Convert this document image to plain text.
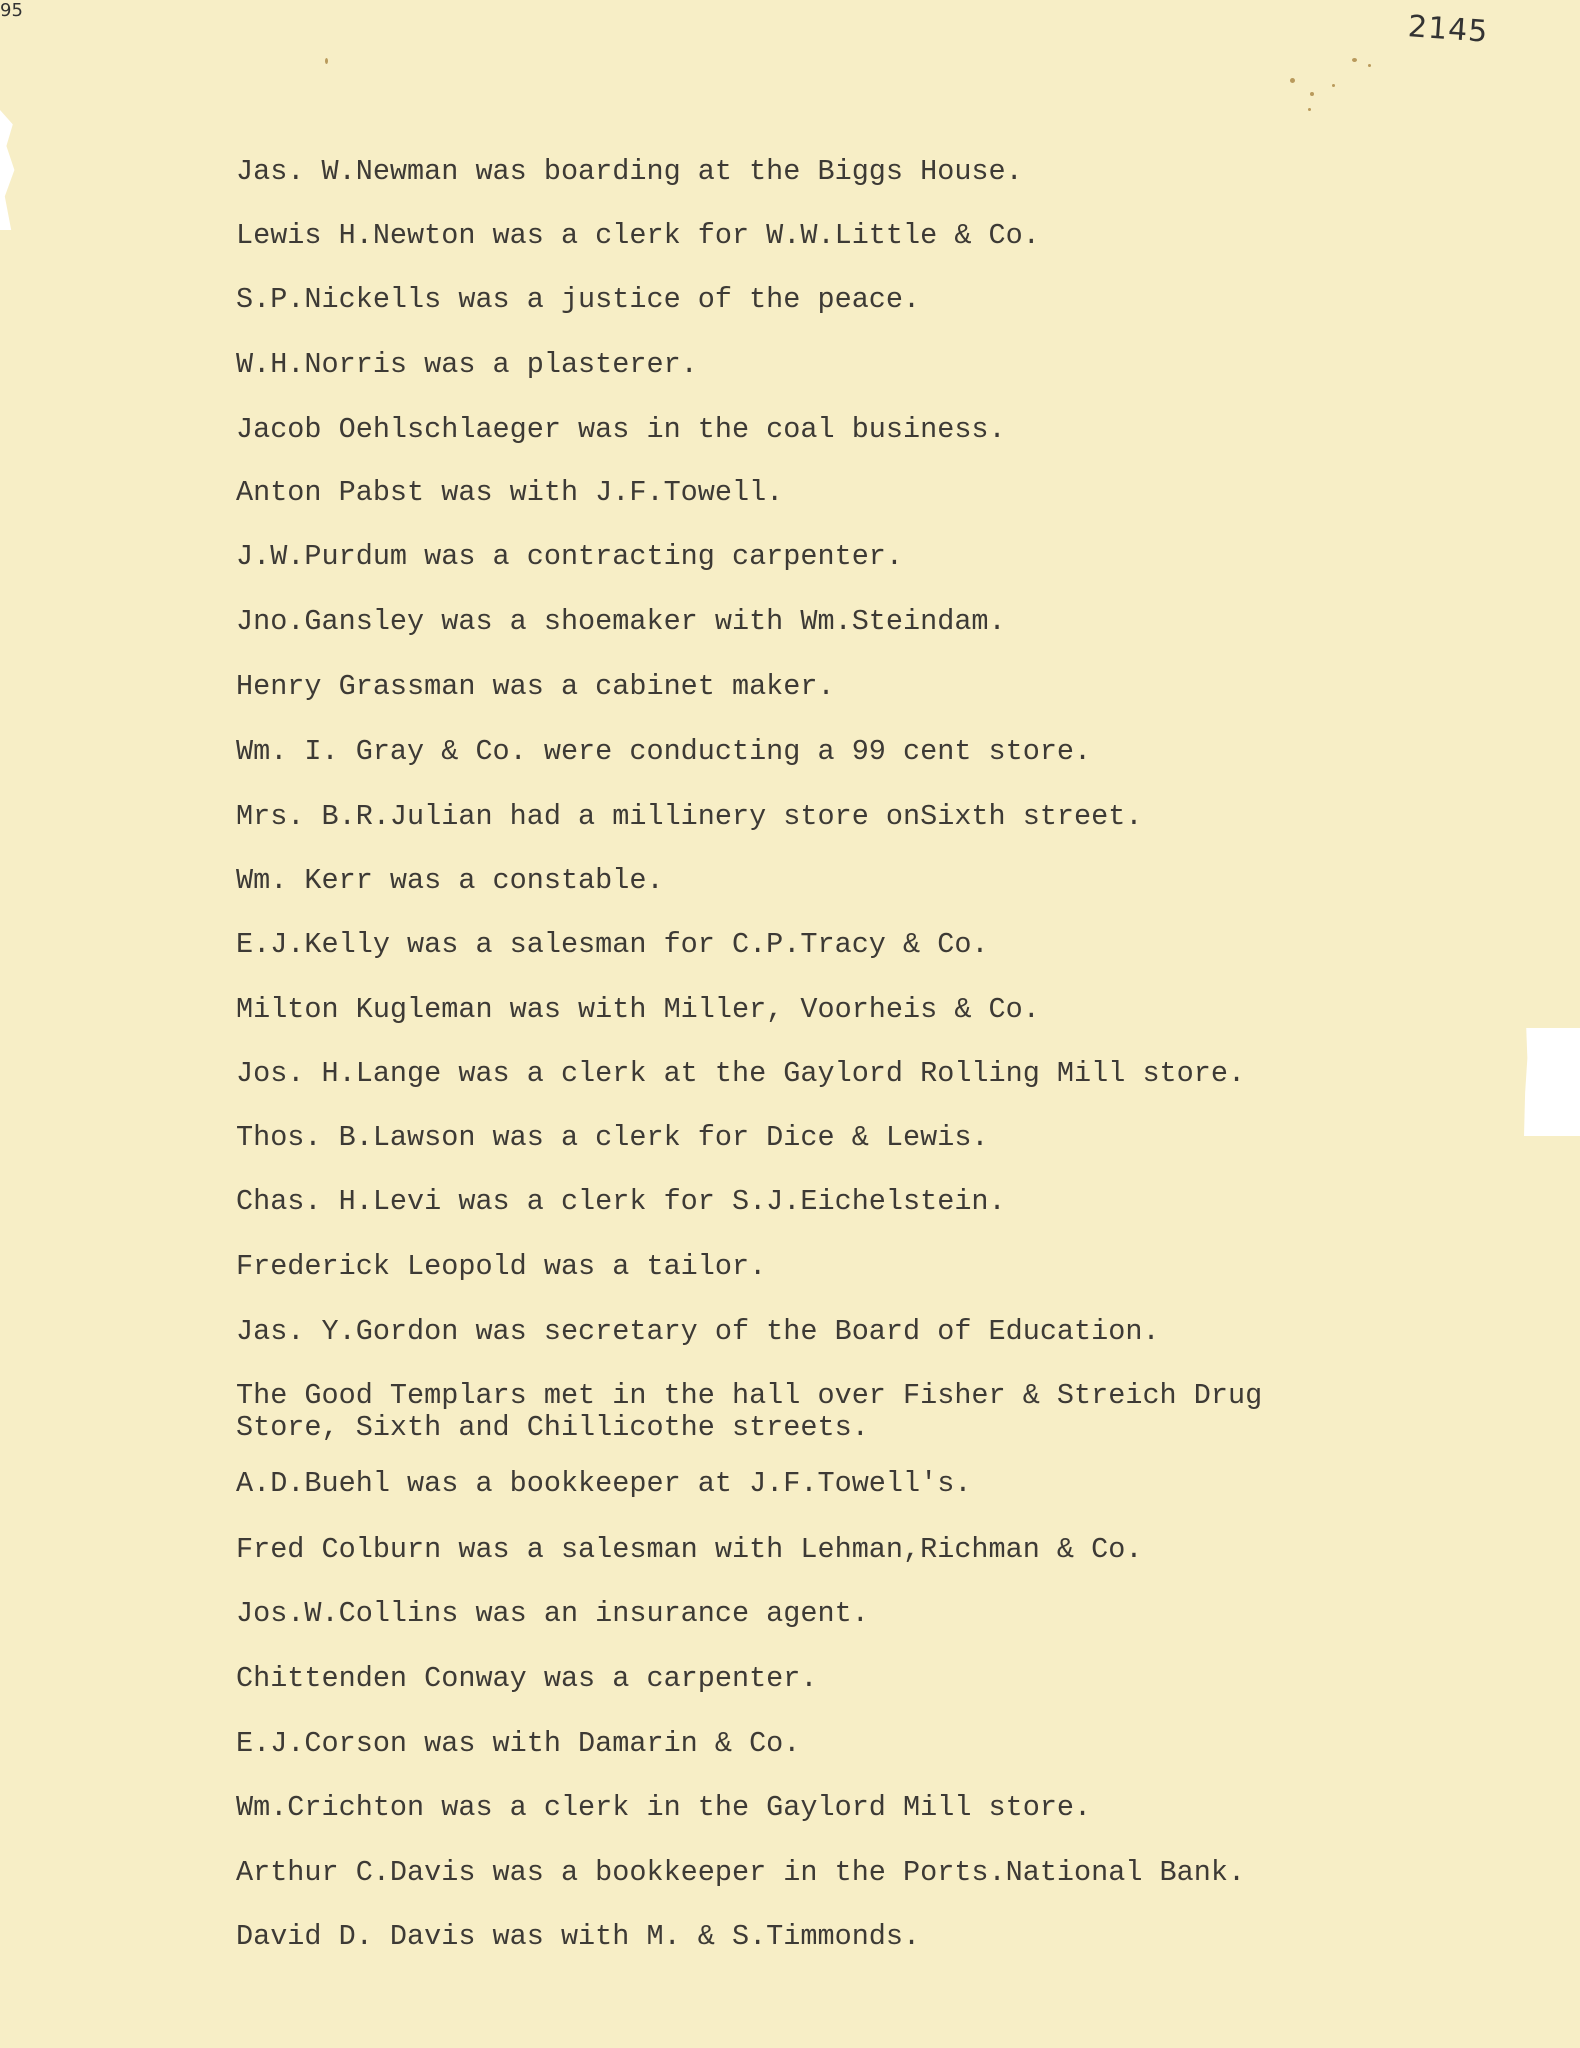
95	2145

Jas. W.Newman was boarding at the Biggs House.

Lewis H.Newton was a clerk for W.W.Little & Co.

S.P.Nickells was a justice of the peace.

W.H.Norris was a plasterer.

Jacob Oehlschlaeger was in the coal business.

Anton Pabst was with J.F.Towell.

J.W.Purdum was a contracting carpenter.

Jno.Gansley was a shoemaker with Wm.Steindam.

Henry Grassman was a cabinet maker.

Wm. I. Gray & Co. were conducting a 99 cent store.

Mrs. B.R.Julian had a millinery store onSixth street.

Wm. Kerr was a constable.

E.J.Kelly was a salesman for C.P.Tracy & Co.

Milton Kugleman was with Miller, Voorheis & Co.

Jos. H.Lange was a clerk at the Gaylord Rolling Mill store.

Thos. B.Lawson was a clerk for Dice & Lewis.

Chas. H.Levi was a clerk for S.J.Eichelstein.

Frederick Leopold was a tailor.

Jas. Y.Gordon was secretary of the Board of Education.

The Good Templars met in the hall over Fisher & Streich Drug

Store, Sixth and Chillicothe streets.

A.D.Buehl was a bookkeeper at J.F.Towell's.

Fred Colburn was a salesman with Lehman,Richman & Co.

Jos.W.Collins was an insurance agent.

Chittenden Conway was a carpenter.

E.J.Corson was with Damarin & Co.

Wm.Crichton was a clerk in the Gaylord Mill store.

Arthur C.Davis was a bookkeeper in the Ports.National Bank.

David D. Davis was with M. & S.Timmonds.
